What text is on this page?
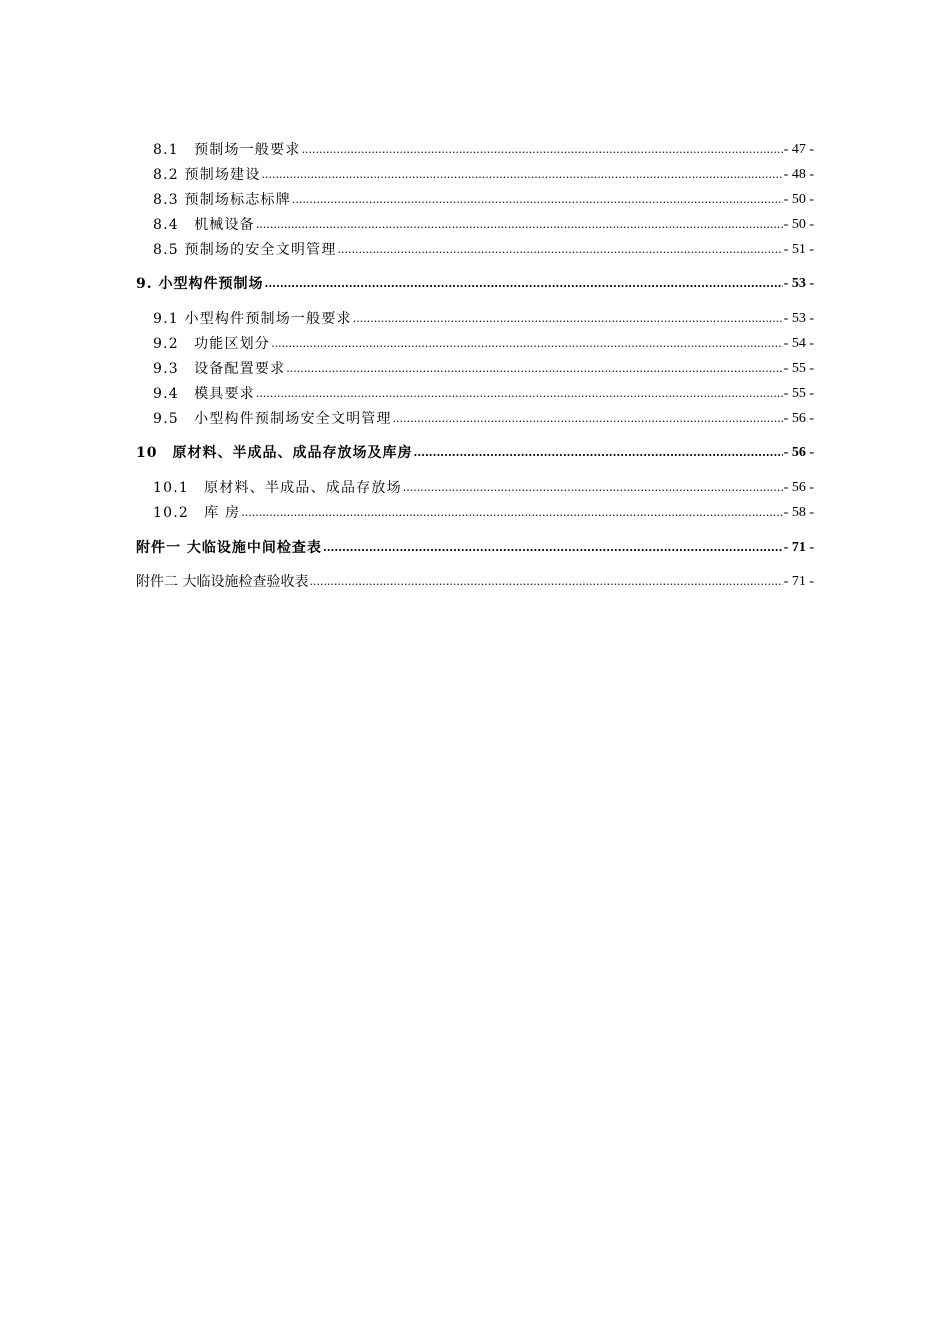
8.1　预制场一般要求 .....	- 47 -
8.2 预制场建设 .....	- 48 -
8.3 预制场标志标牌 .....	- 50 -
8.4　机械设备 .....	- 50 -
8.5 预制场的安全文明管理 .....	- 51 -
9. 小型构件预制场 .....	- 53 -
9.1 小型构件预制场一般要求 .....	- 53 -
9.2　功能区划分 .....	- 54 -
9.3　设备配置要求 .....	- 55 -
9.4　模具要求 .....	- 55 -
9.5　小型构件预制场安全文明管理 .....	- 56 -
10　原材料、半成品、成品存放场及库房 .....	- 56 -
10.1　原材料、半成品、成品存放场 .....	- 56 -
10.2　库 房 .....	- 58 -
附件一 大临设施中间检查表 .....	- 71 -
附件二 大临设施检查验收表 .....	- 71 -
